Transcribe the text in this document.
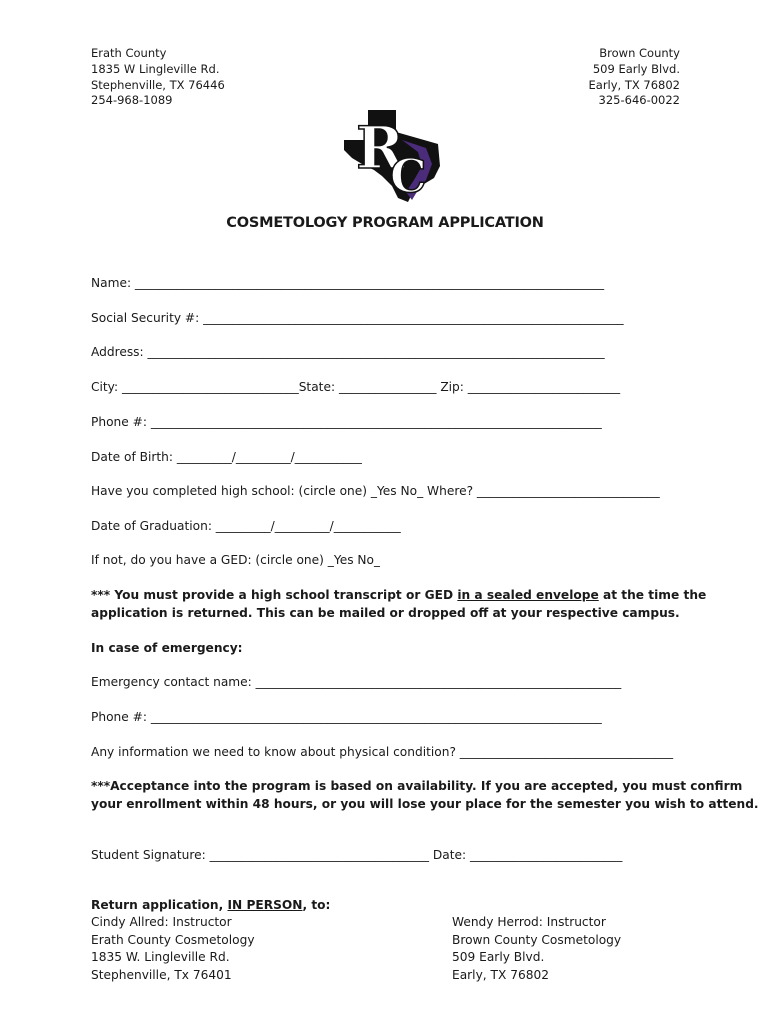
Erath County
1835 W Lingleville Rd.
Stephenville, TX 76446
254-968-1089
Brown County
509 Early Blvd.
Early, TX 76802
325-646-0022
R
C
COSMETOLOGY PROGRAM APPLICATION
Name: _____________________________________________________________________________
Social Security #: _____________________________________________________________________
Address: ___________________________________________________________________________
City: _____________________________State: ________________ Zip: _________________________
Phone #: __________________________________________________________________________
Date of Birth: _________/_________/___________
Have you completed high school: (circle one) _Yes No_ Where? ______________________________
Date of Graduation: _________/_________/___________
If not, do you have a GED: (circle one) _Yes No_
*** You must provide a high school transcript or GED in a sealed envelope at the time the
application is returned. This can be mailed or dropped off at your respective campus.
In case of emergency:
Emergency contact name: ____________________________________________________________
Phone #: __________________________________________________________________________
Any information we need to know about physical condition? ___________________________________
***Acceptance into the program is based on availability. If you are accepted, you must confirm
your enrollment within 48 hours, or you will lose your place for the semester you wish to attend.
Student Signature: ____________________________________ Date: _________________________
Return application, IN PERSON, to:
Cindy Allred: Instructor
Erath County Cosmetology
1835 W. Lingleville Rd.
Stephenville, Tx 76401
Wendy Herrod: Instructor
Brown County Cosmetology
509 Early Blvd.
Early, TX 76802
